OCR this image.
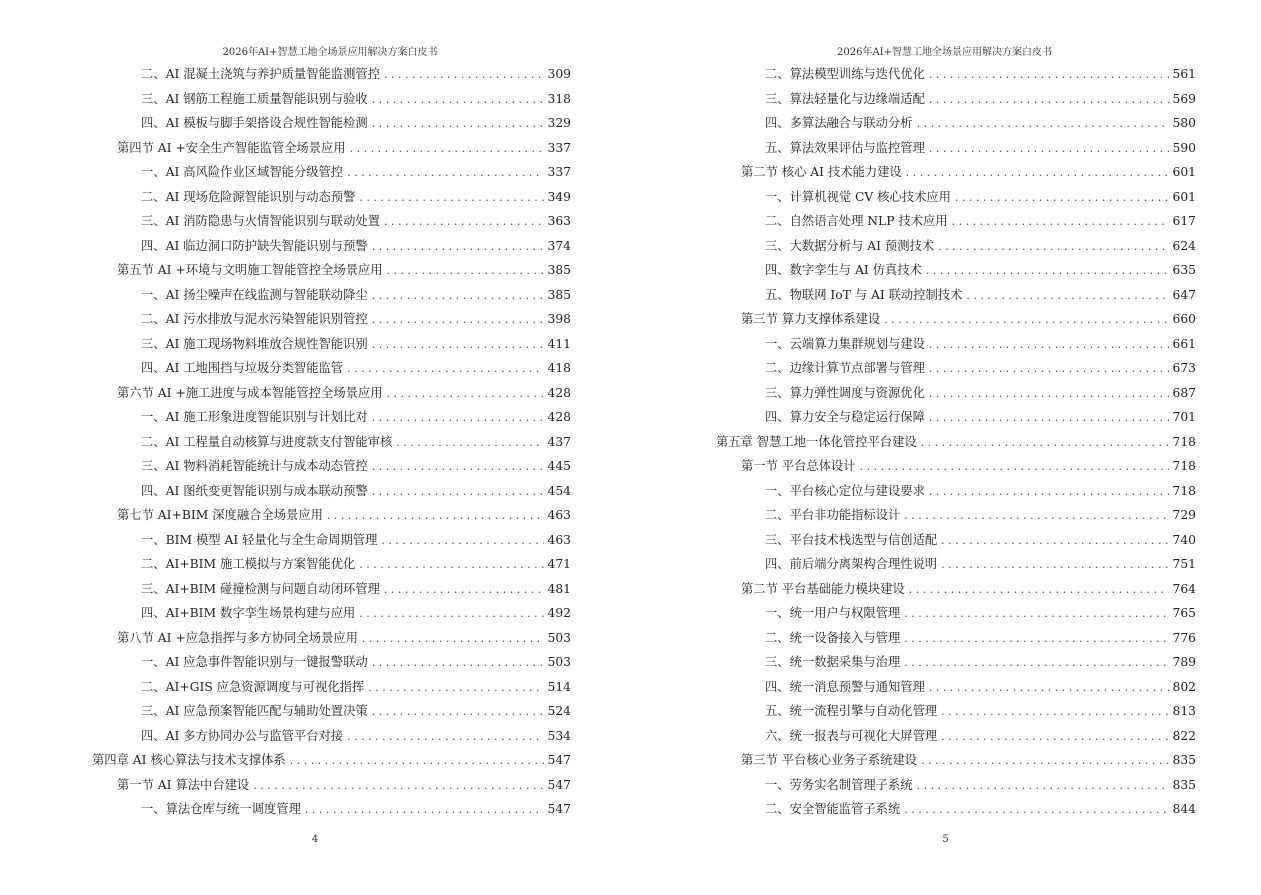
2026年AI+智慧工地全场景应用解决方案白皮书
二、AI 混凝土浇筑与养护质量智能监测管控 . . .	309
三、AI 钢筋工程施工质量智能识别与验收 . . .	318
四、AI 模板与脚手架搭设合规性智能检测 . . .	329
第四节 AI +安全生产智能监管全场景应用 . . .	337
一、AI 高风险作业区域智能分级管控 . . .	337
二、AI 现场危险源智能识别与动态预警 . . .	349
三、AI 消防隐患与火情智能识别与联动处置 . . .	363
四、AI 临边洞口防护缺失智能识别与预警 . . .	374
第五节 AI +环境与文明施工智能管控全场景应用 . . .	385
一、AI 扬尘噪声在线监测与智能联动降尘 . . .	385
二、AI 污水排放与泥水污染智能识别管控 . . .	398
三、AI 施工现场物料堆放合规性智能识别 . . .	411
四、AI 工地围挡与垃圾分类智能监管 . . .	418
第六节 AI +施工进度与成本智能管控全场景应用 . . .	428
一、AI 施工形象进度智能识别与计划比对 . . .	428
二、AI 工程量自动核算与进度款支付智能审核 . . .	437
三、AI 物料消耗智能统计与成本动态管控 . . .	445
四、AI 图纸变更智能识别与成本联动预警 . . .	454
第七节 AI+BIM 深度融合全场景应用 . . .	463
一、BIM 模型 AI 轻量化与全生命周期管理 . . .	463
二、AI+BIM 施工模拟与方案智能优化 . . .	471
三、AI+BIM 碰撞检测与问题自动闭环管理 . . .	481
四、AI+BIM 数字孪生场景构建与应用 . . .	492
第八节 AI +应急指挥与多方协同全场景应用 . . .	503
一、AI 应急事件智能识别与一键报警联动 . . .	503
二、AI+GIS 应急资源调度与可视化指挥 . . .	514
三、AI 应急预案智能匹配与辅助处置决策 . . .	524
四、AI 多方协同办公与监管平台对接 . . .	534
第四章 AI 核心算法与技术支撑体系 . . .	547
第一节 AI 算法中台建设 . . .	547
一、算法仓库与统一调度管理 . . .	547
4
2026年AI+智慧工地全场景应用解决方案白皮书
二、算法模型训练与迭代优化 . . .	561
三、算法轻量化与边缘端适配 . . .	569
四、多算法融合与联动分析 . . .	580
五、算法效果评估与监控管理 . . .	590
第二节 核心 AI 技术能力建设 . . .	601
一、计算机视觉 CV 核心技术应用 . . .	601
二、自然语言处理 NLP 技术应用 . . .	617
三、大数据分析与 AI 预测技术 . . .	624
四、数字孪生与 AI 仿真技术 . . .	635
五、物联网 IoT 与 AI 联动控制技术 . . .	647
第三节 算力支撑体系建设 . . .	660
一、云端算力集群规划与建设 . . .	661
二、边缘计算节点部署与管理 . . .	673
三、算力弹性调度与资源优化 . . .	687
四、算力安全与稳定运行保障 . . .	701
第五章 智慧工地一体化管控平台建设 . . .	718
第一节 平台总体设计 . . .	718
一、平台核心定位与建设要求 . . .	718
二、平台非功能指标设计 . . .	729
三、平台技术栈选型与信创适配 . . .	740
四、前后端分离架构合理性说明 . . .	751
第二节 平台基础能力模块建设 . . .	764
一、统一用户与权限管理 . . .	765
二、统一设备接入与管理 . . .	776
三、统一数据采集与治理 . . .	789
四、统一消息预警与通知管理 . . .	802
五、统一流程引擎与自动化管理 . . .	813
六、统一报表与可视化大屏管理 . . .	822
第三节 平台核心业务子系统建设 . . .	835
一、劳务实名制管理子系统 . . .	835
二、安全智能监管子系统 . . .	844
5
